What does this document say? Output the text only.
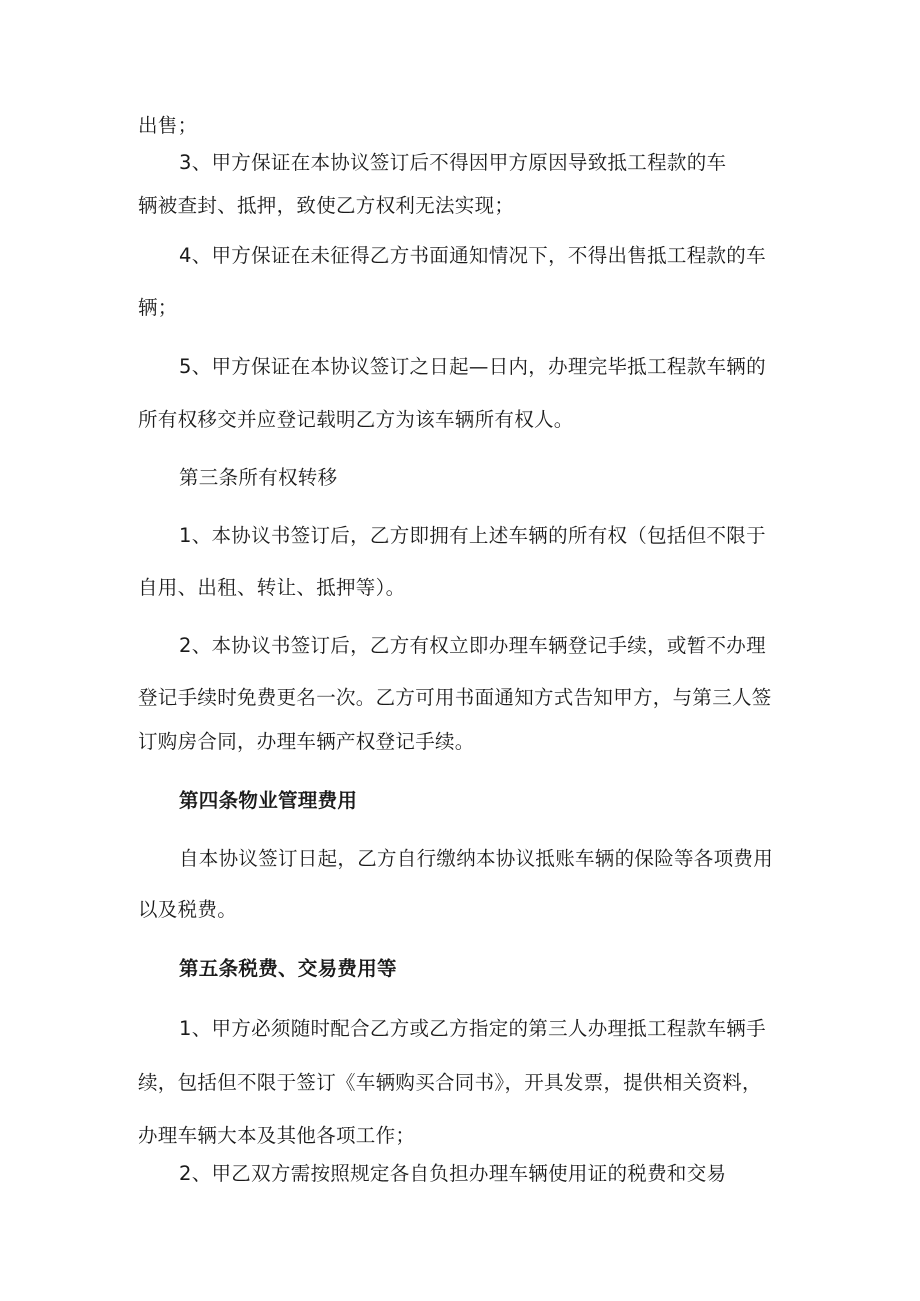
出售；
3、甲方保证在本协议签订后不得因甲方原因导致抵工程款的车
辆被查封、抵押，致使乙方权利无法实现；
4、甲方保证在未征得乙方书面通知情况下，不得出售抵工程款的车
辆；
5、甲方保证在本协议签订之日起—日内，办理完毕抵工程款车辆的
所有权移交并应登记载明乙方为该车辆所有权人。
第三条所有权转移
1、本协议书签订后，乙方即拥有上述车辆的所有权（包括但不限于
自用、出租、转让、抵押等）。
2、本协议书签订后，乙方有权立即办理车辆登记手续，或暂不办理
登记手续时免费更名一次。乙方可用书面通知方式告知甲方，与第三人签
订购房合同，办理车辆产权登记手续。
第四条物业管理费用
自本协议签订日起，乙方自行缴纳本协议抵账车辆的保险等各项费用
以及税费。
第五条税费、交易费用等
1、甲方必须随时配合乙方或乙方指定的第三人办理抵工程款车辆手
续，包括但不限于签订《车辆购买合同书》，开具发票，提供相关资料，
办理车辆大本及其他各项工作；
2、甲乙双方需按照规定各自负担办理车辆使用证的税费和交易
